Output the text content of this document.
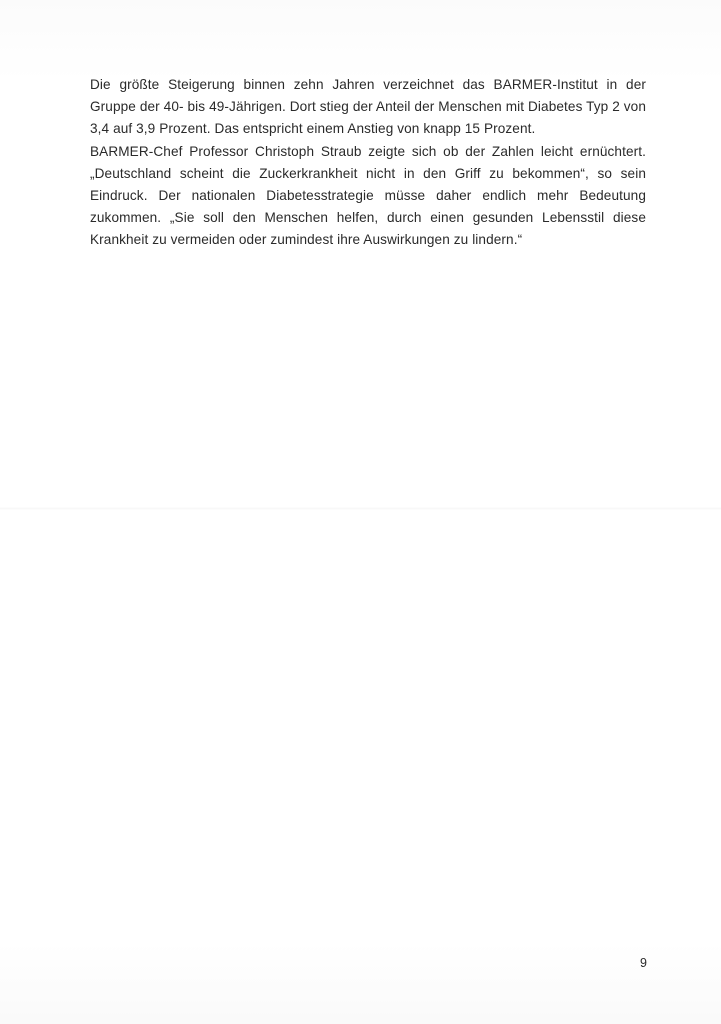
Die größte Steigerung binnen zehn Jahren verzeichnet das BARMER-Institut in der Gruppe der 40- bis 49-Jährigen. Dort stieg der Anteil der Menschen mit Diabetes Typ 2 von 3,4 auf 3,9 Prozent. Das entspricht einem Anstieg von knapp 15 Prozent.

BARMER-Chef Professor Christoph Straub zeigte sich ob der Zahlen leicht ernüchtert. „Deutschland scheint die Zuckerkrankheit nicht in den Griff zu bekommen“, so sein Eindruck. Der nationalen Diabetesstrategie müsse daher endlich mehr Bedeutung zukommen. „Sie soll den Menschen helfen, durch einen gesunden Lebensstil diese Krankheit zu vermeiden oder zumindest ihre Auswirkungen zu lindern.“

9
